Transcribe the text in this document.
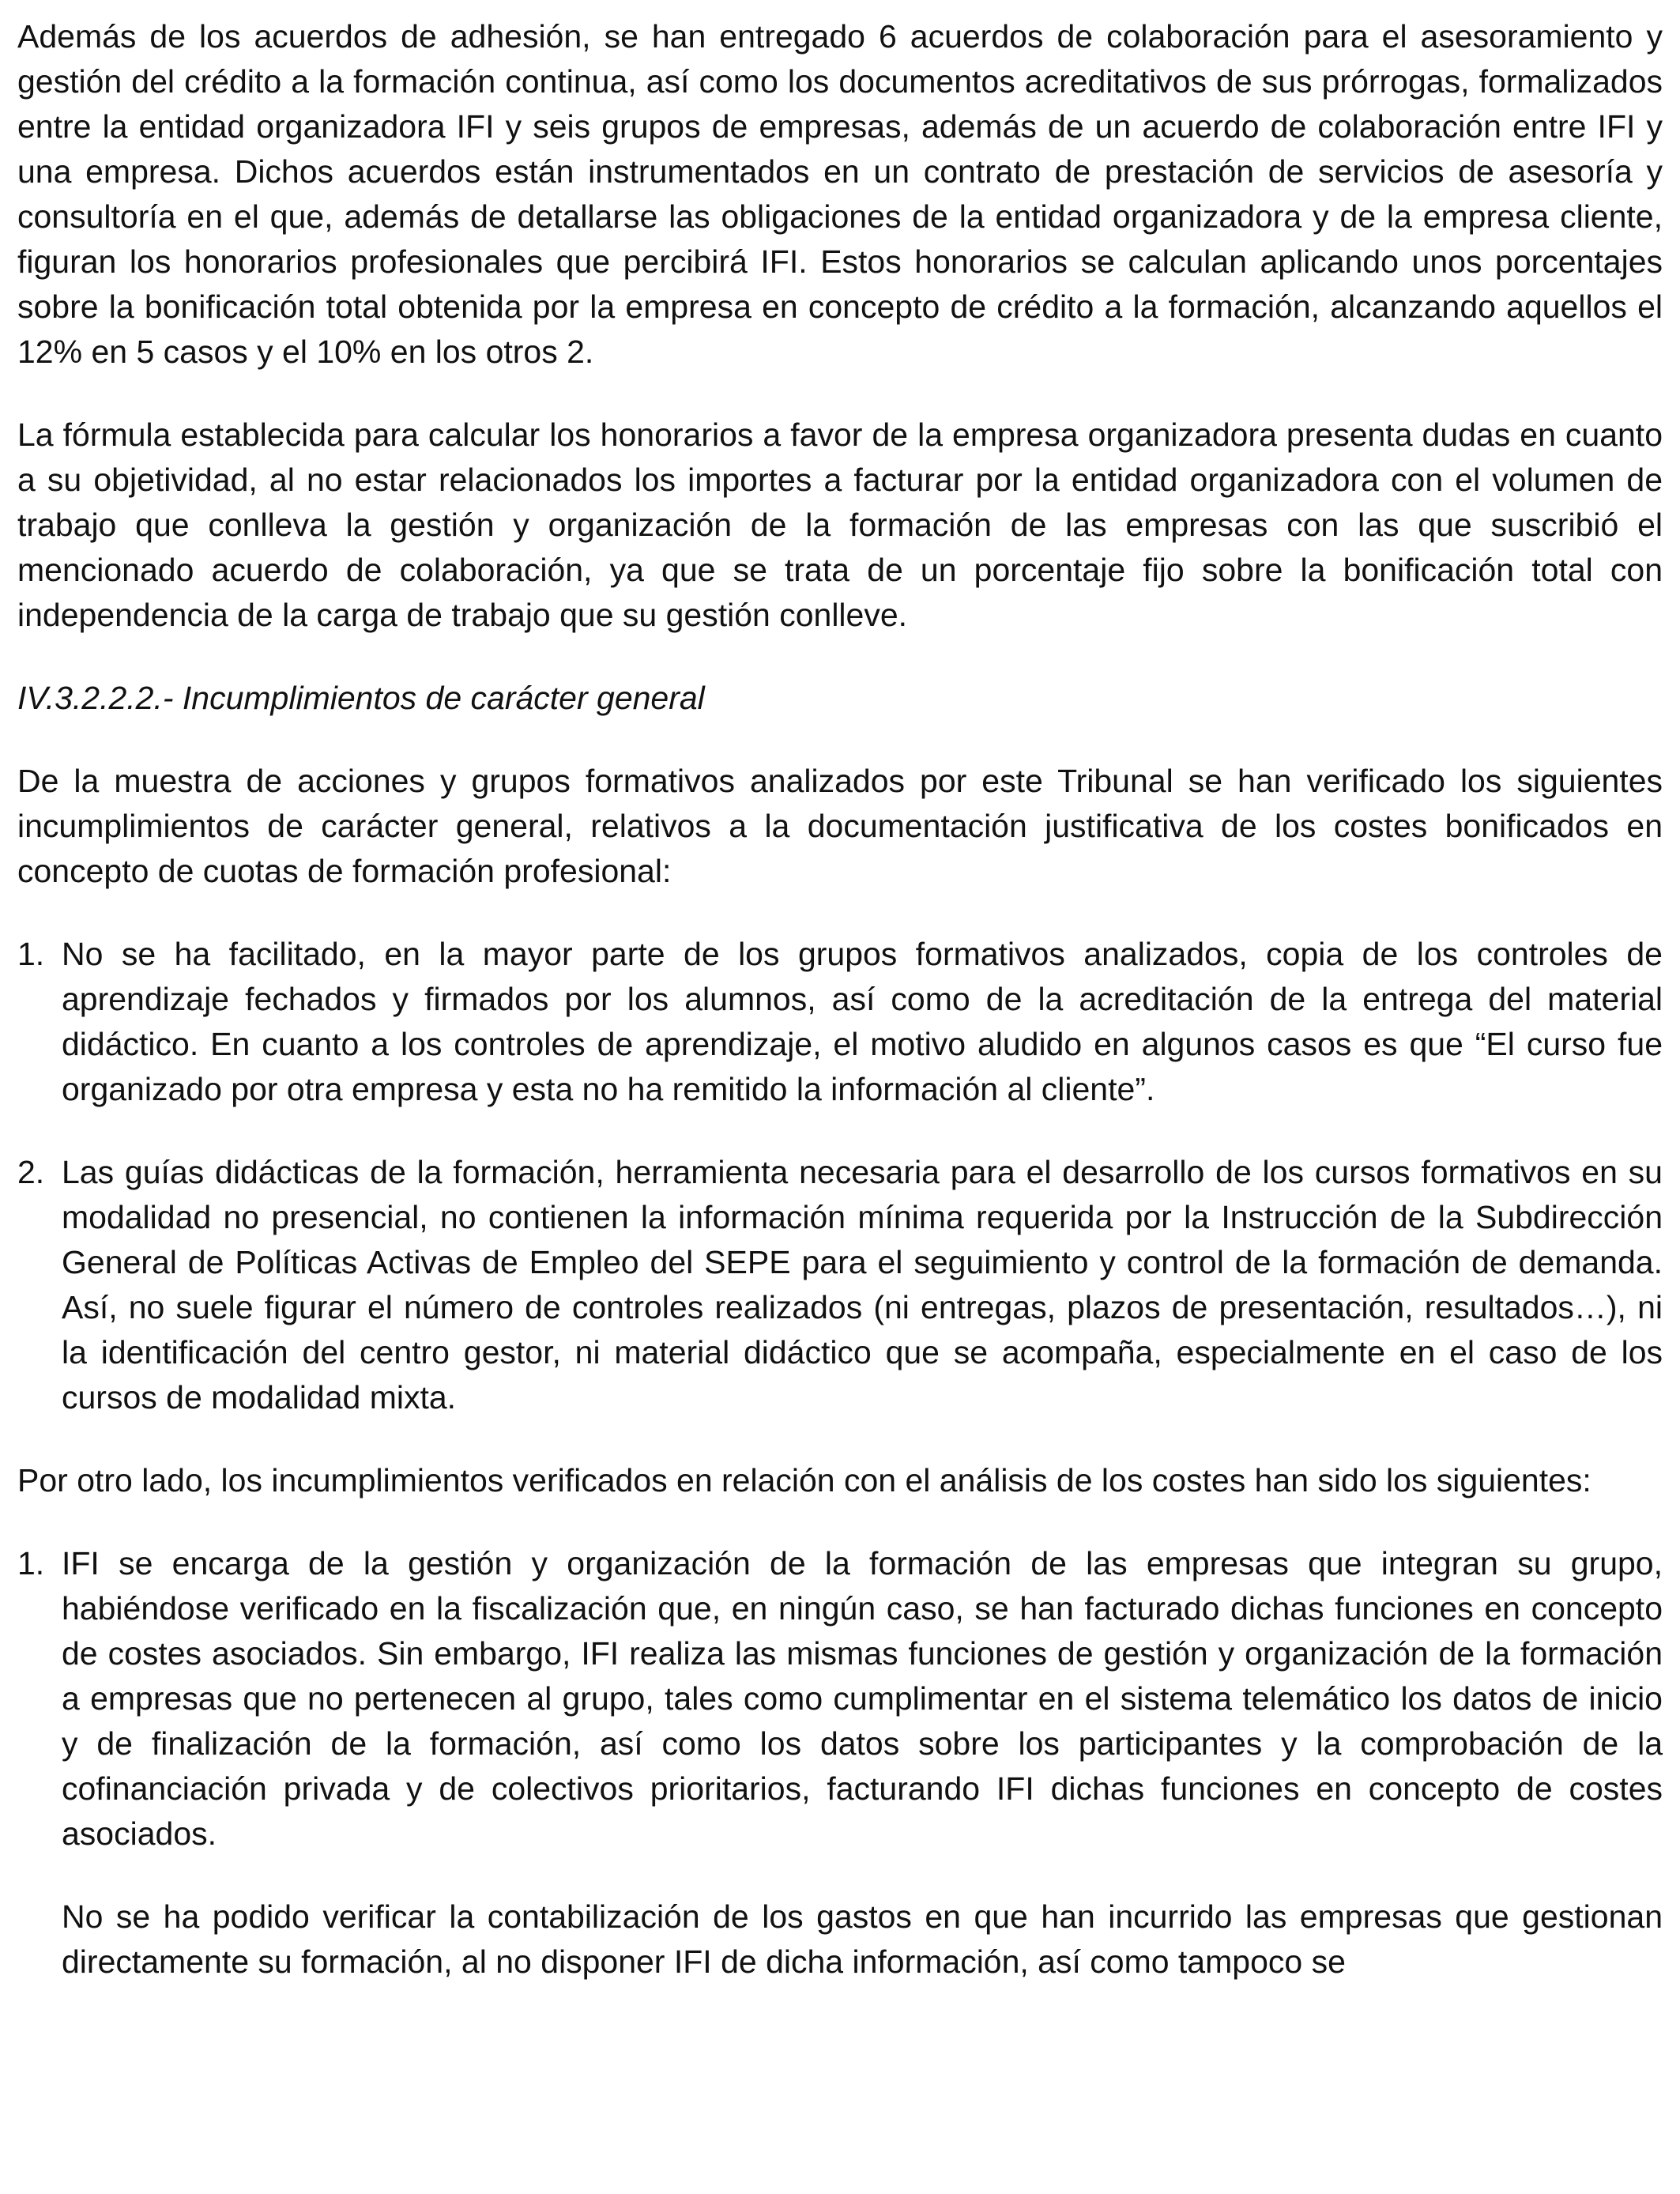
Además de los acuerdos de adhesión, se han entregado 6 acuerdos de colaboración para el asesoramiento y gestión del crédito a la formación continua, así como los documentos acreditativos de sus prórrogas, formalizados entre la entidad organizadora IFI y seis grupos de empresas, además de un acuerdo de colaboración entre IFI y una empresa. Dichos acuerdos están instrumentados en un contrato de prestación de servicios de asesoría y consultoría en el que, además de detallarse las obligaciones de la entidad organizadora y de la empresa cliente, figuran los honorarios profesionales que percibirá IFI. Estos honorarios se calculan aplicando unos porcentajes sobre la bonificación total obtenida por la empresa en concepto de crédito a la formación, alcanzando aquellos el 12% en 5 casos y el 10% en los otros 2.

La fórmula establecida para calcular los honorarios a favor de la empresa organizadora presenta dudas en cuanto a su objetividad, al no estar relacionados los importes a facturar por la entidad organizadora con el volumen de trabajo que conlleva la gestión y organización de la formación de las empresas con las que suscribió el mencionado acuerdo de colaboración, ya que se trata de un porcentaje fijo sobre la bonificación total con independencia de la carga de trabajo que su gestión conlleve.

IV.3.2.2.2.- Incumplimientos de carácter general

De la muestra de acciones y grupos formativos analizados por este Tribunal se han verificado los siguientes incumplimientos de carácter general, relativos a la documentación justificativa de los costes bonificados en concepto de cuotas de formación profesional:

1. No se ha facilitado, en la mayor parte de los grupos formativos analizados, copia de los controles de aprendizaje fechados y firmados por los alumnos, así como de la acreditación de la entrega del material didáctico. En cuanto a los controles de aprendizaje, el motivo aludido en algunos casos es que “El curso fue organizado por otra empresa y esta no ha remitido la información al cliente”.
2. Las guías didácticas de la formación, herramienta necesaria para el desarrollo de los cursos formativos en su modalidad no presencial, no contienen la información mínima requerida por la Instrucción de la Subdirección General de Políticas Activas de Empleo del SEPE para el seguimiento y control de la formación de demanda. Así, no suele figurar el número de controles realizados (ni entregas, plazos de presentación, resultados…), ni la identificación del centro gestor, ni material didáctico que se acompaña, especialmente en el caso de los cursos de modalidad mixta.

Por otro lado, los incumplimientos verificados en relación con el análisis de los costes han sido los siguientes:

1. IFI se encarga de la gestión y organización de la formación de las empresas que integran su grupo, habiéndose verificado en la fiscalización que, en ningún caso, se han facturado dichas funciones en concepto de costes asociados. Sin embargo, IFI realiza las mismas funciones de gestión y organización de la formación a empresas que no pertenecen al grupo, tales como cumplimentar en el sistema telemático los datos de inicio y de finalización de la formación, así como los datos sobre los participantes y la comprobación de la cofinanciación privada y de colectivos prioritarios, facturando IFI dichas funciones en concepto de costes asociados.

No se ha podido verificar la contabilización de los gastos en que han incurrido las empresas que gestionan directamente su formación, al no disponer IFI de dicha información, así como tampoco se
